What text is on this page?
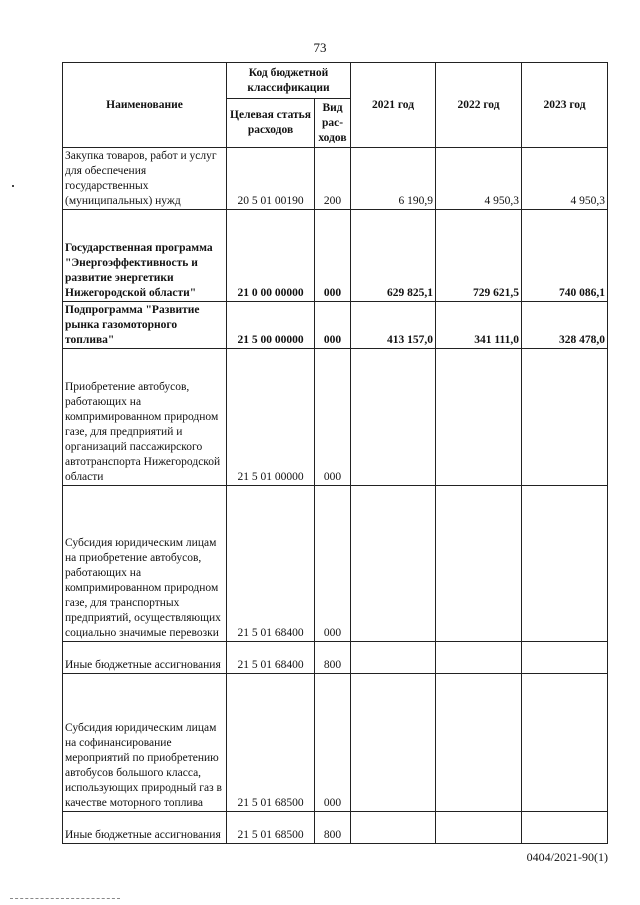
73
Наименование	Код бюджетной классификации		2021 год	2022 год	2023 год
	Целевая статья расходов	Вид рас-ходов			
Закупка товаров, работ и услуг для обеспечения государственных (муниципальных) нужд	20 5 01 00190	200	6 190,9	4 950,3	4 950,3
Государственная программа "Энергоэффективность и развитие энергетики Нижегородской области"	21 0 00 00000	000	629 825,1	729 621,5	740 086,1
Подпрограмма "Развитие рынка газомоторного топлива"	21 5 00 00000	000	413 157,0	341 111,0	328 478,0
Приобретение автобусов, работающих на компримированном природном газе, для предприятий и организаций пассажирского автотранспорта Нижегородской области	21 5 01 00000	000			
Субсидия юридическим лицам на приобретение автобусов, работающих на компримированном природном газе, для транспортных предприятий, осуществляющих социально значимые перевозки	21 5 01 68400	000			
Иные бюджетные ассигнования	21 5 01 68400	800			
Субсидия юридическим лицам на софинансирование мероприятий по приобретению автобусов большого класса, использующих природный газ в качестве моторного топлива	21 5 01 68500	000			
Иные бюджетные ассигнования	21 5 01 68500	800			
0404/2021-90(1)
